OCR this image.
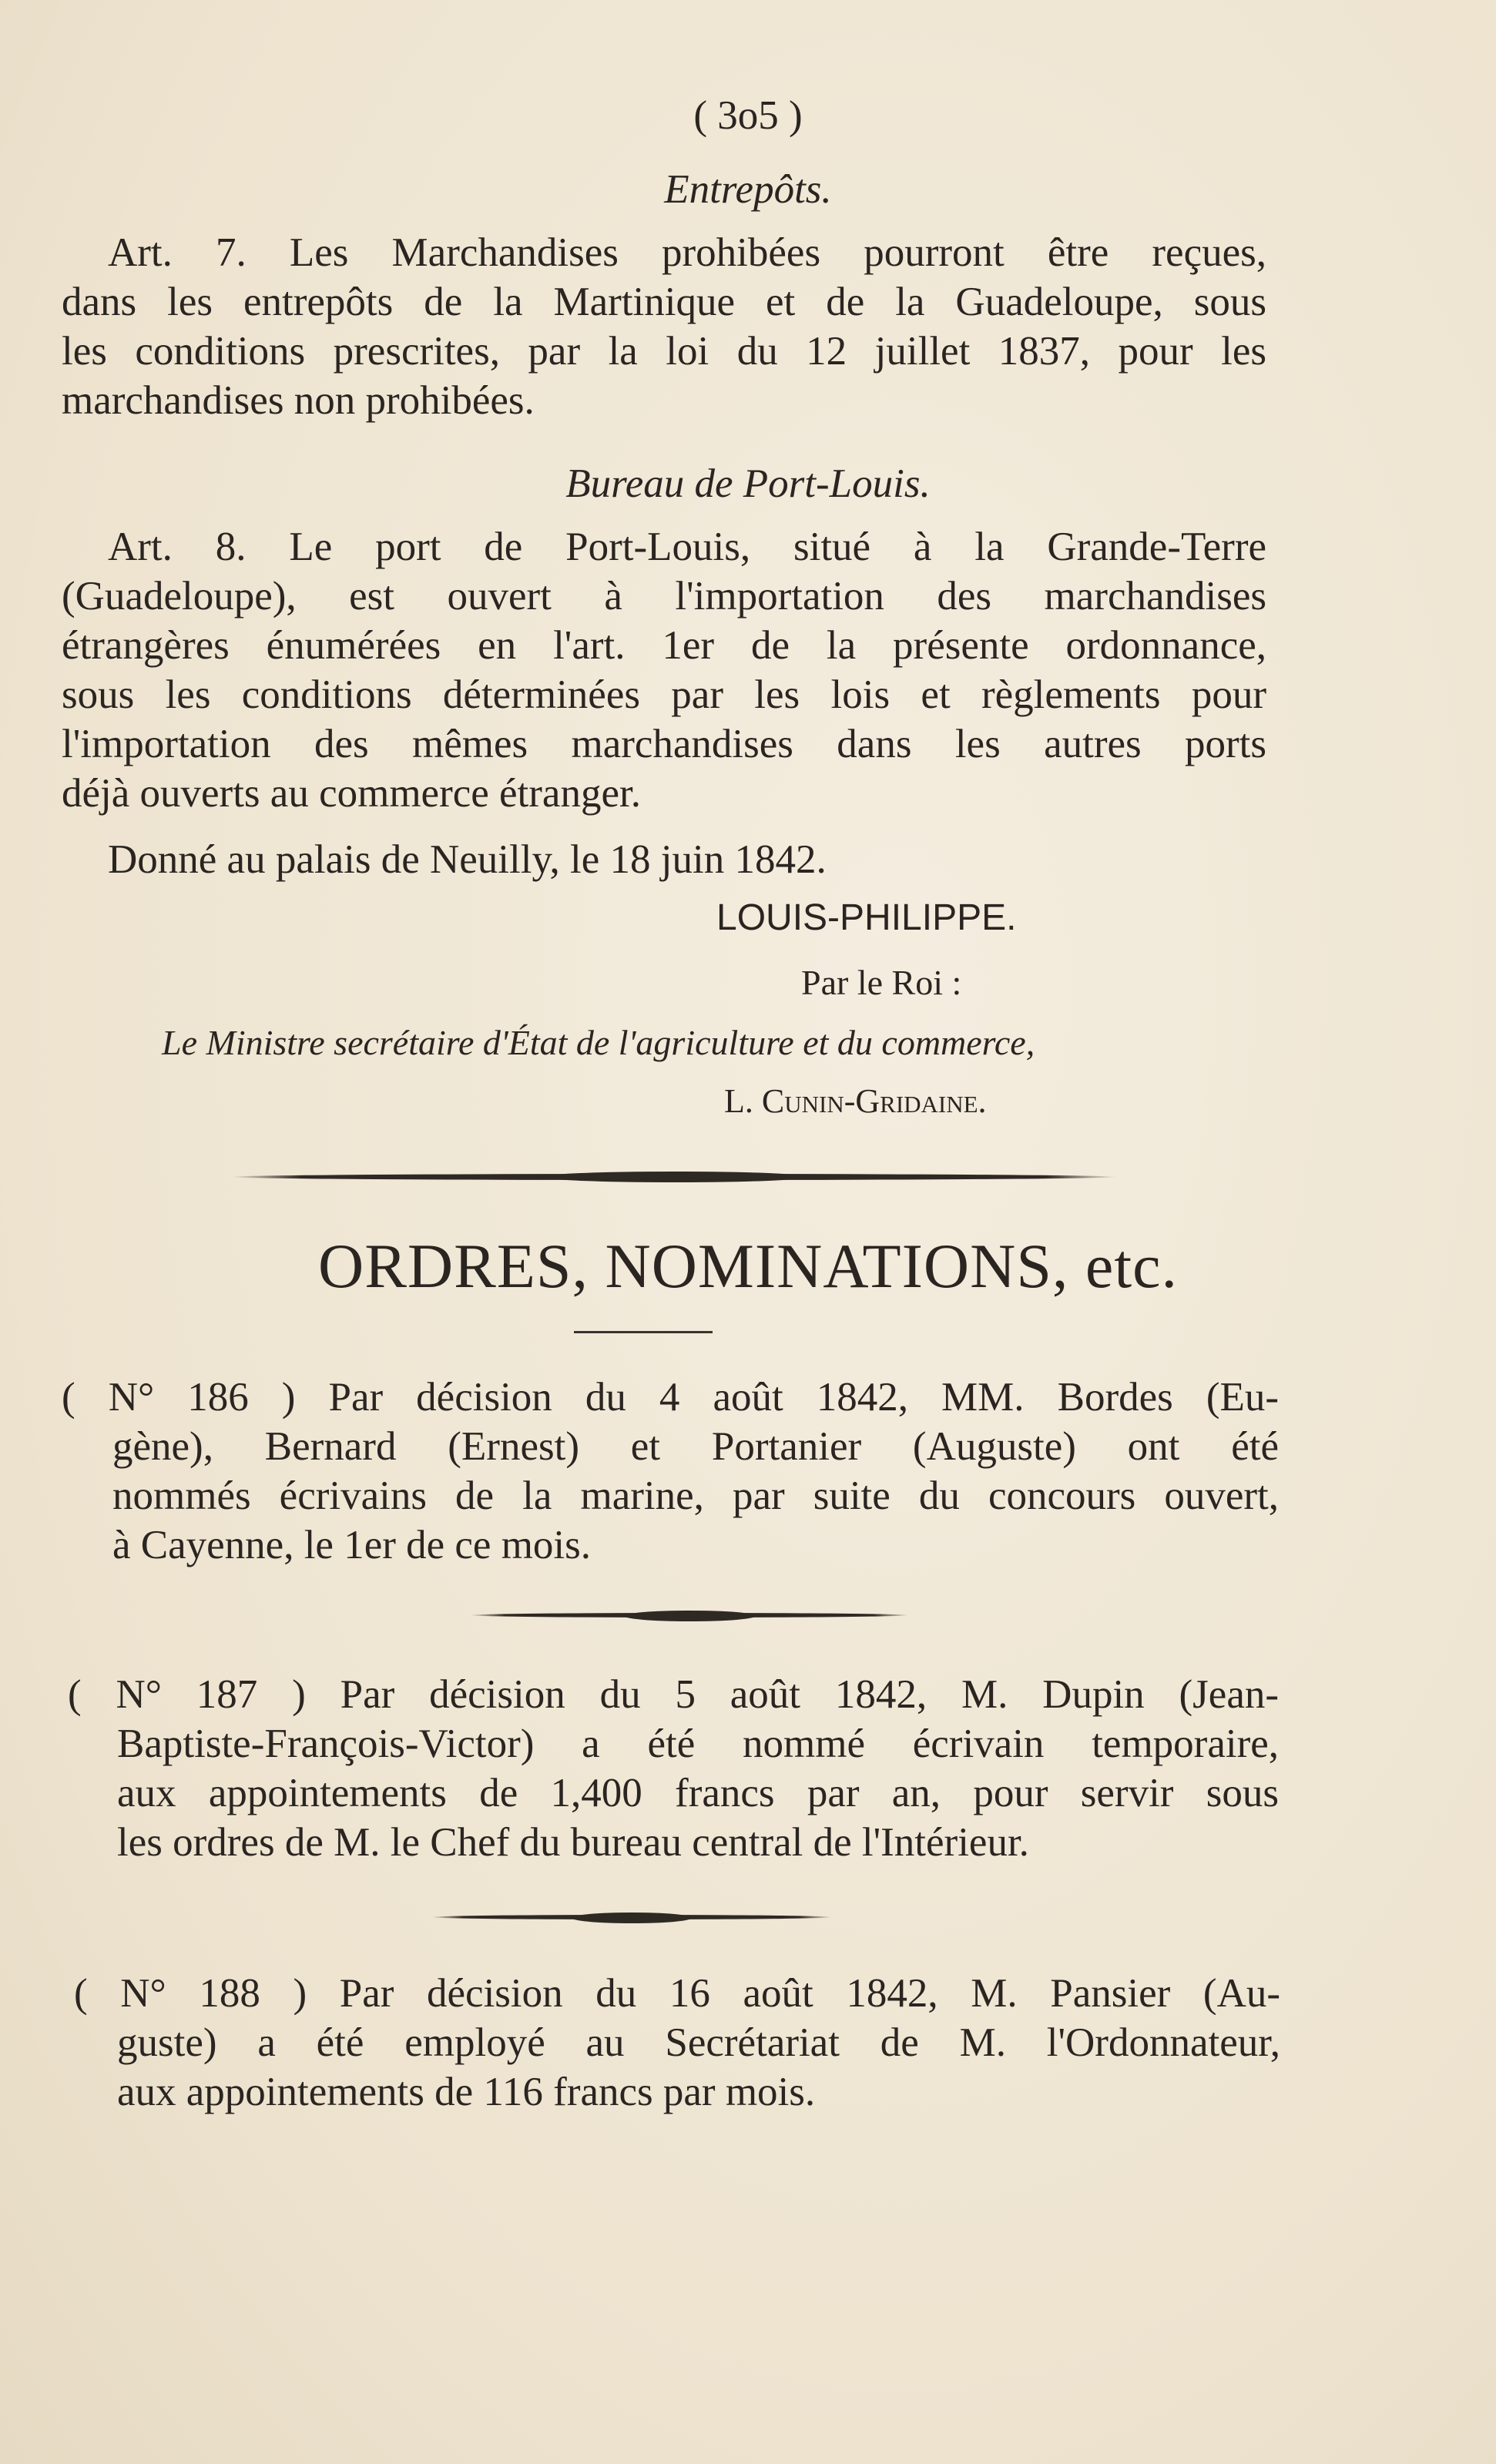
( 3o5 )

Entrepôts.

Art. 7. Les Marchandises prohibées pourront être reçues,

dans les entrepôts de la Martinique et de la Guadeloupe, sous

les conditions prescrites, par la loi du 12 juillet 1837, pour les

marchandises non prohibées.

Bureau de Port-Louis.

Art. 8. Le port de Port-Louis, situé à la Grande-Terre

(Guadeloupe), est ouvert à l'importation des marchandises

étrangères énumérées en l'art. 1er de la présente ordonnance,

sous les conditions déterminées par les lois et règlements pour

l'importation des mêmes marchandises dans les autres ports

déjà ouverts au commerce étranger.

Donné au palais de Neuilly, le 18 juin 1842.

LOUIS-PHILIPPE.

Par le Roi :

Le Ministre secrétaire d'État de l'agriculture et du commerce,

L. Cunin-Gridaine.

ORDRES, NOMINATIONS, etc.

( N° 186 ) Par décision du 4 août 1842, MM. Bordes (Eu-

gène), Bernard (Ernest) et Portanier (Auguste) ont été

nommés écrivains de la marine, par suite du concours ouvert,

à Cayenne, le 1er de ce mois.

( N° 187 ) Par décision du 5 août 1842, M. Dupin (Jean-

Baptiste-François-Victor) a été nommé écrivain temporaire,

aux appointements de 1,400 francs par an, pour servir sous

les ordres de M. le Chef du bureau central de l'Intérieur.

( N° 188 ) Par décision du 16 août 1842, M. Pansier (Au-

guste) a été employé au Secrétariat de M. l'Ordonnateur,

aux appointements de 116 francs par mois.
